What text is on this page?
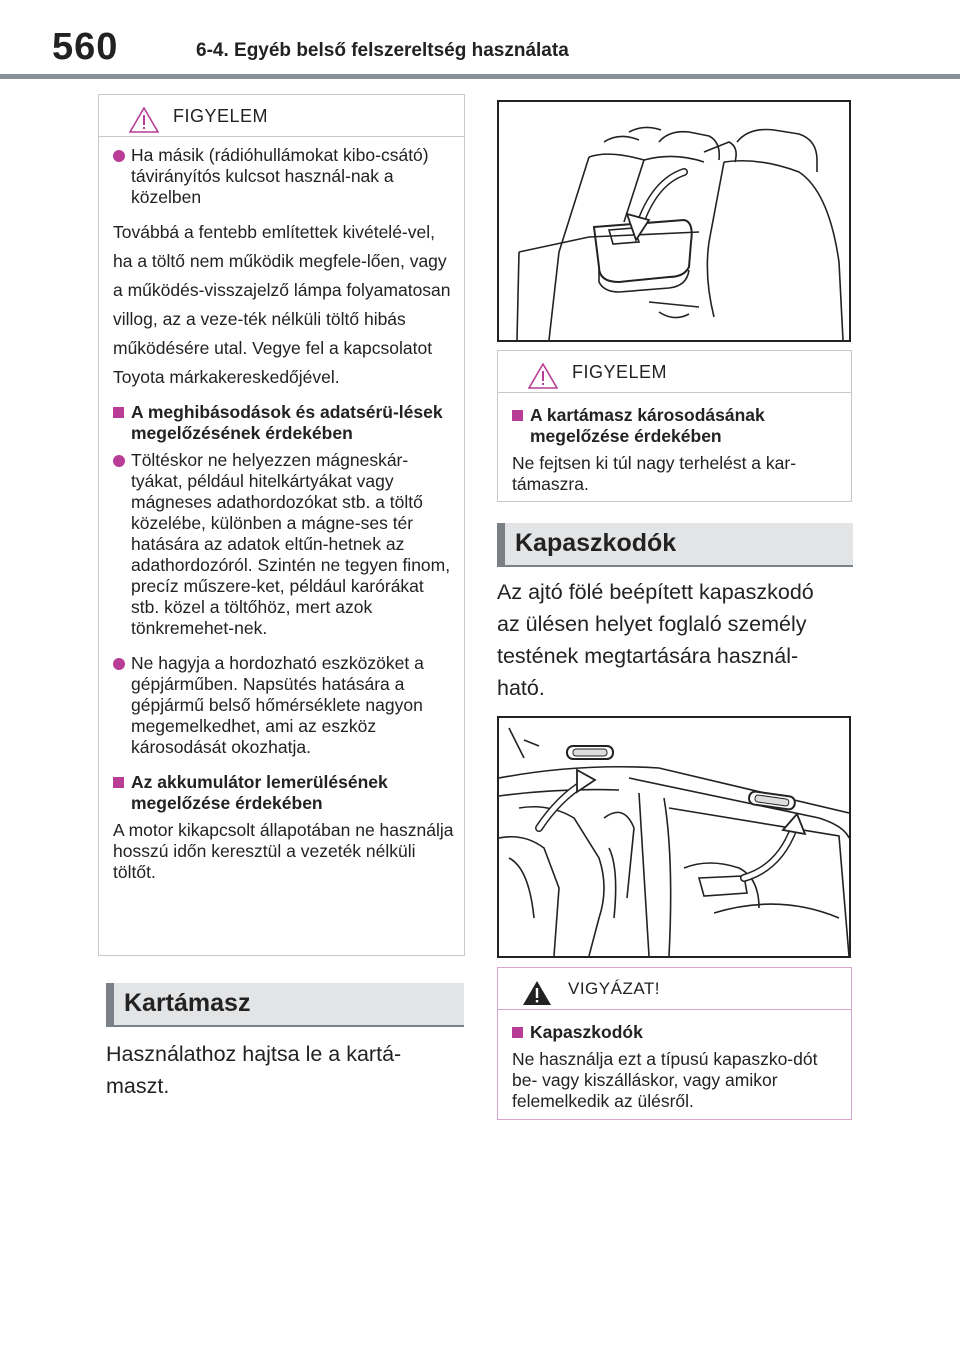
560	6-4. Egyéb belső felszereltség használata
FIGYELEM
Ha másik (rádióhullámokat kibo-csátó) távirányítós kulcsot használ-nak a közelben
Továbbá a fentebb említettek kivételé-vel, ha a töltő nem működik megfele-lően, vagy a működés-visszajelző lámpa folyamatosan villog, az a veze-ték nélküli töltő hibás működésére utal. Vegye fel a kapcsolatot Toyota márkakereskedőjével.
A meghibásodások és adatsérü-lések megelőzésének érdekében
Töltéskor ne helyezzen mágneskár-tyákat, például hitelkártyákat vagy mágneses adathordozókat stb. a töltő közelébe, különben a mágne-ses tér hatására az adatok eltűn-hetnek az adathordozóról. Szintén ne tegyen finom, precíz műszere-ket, például karórákat stb. közel a töltőhöz, mert azok tönkremehet-nek.
Ne hagyja a hordozható eszközöket a gépjárműben. Napsütés hatására a gépjármű belső hőmérséklete nagyon megemelkedhet, ami az eszköz károsodását okozhatja.
Az akkumulátor lemerülésének megelőzése érdekében
A motor kikapcsolt állapotában ne használja hosszú időn keresztül a vezeték nélküli töltőt.
Kartámasz
Használathoz hajtsa le a kartá-maszt.
FIGYELEM
A kartámasz károsodásának megelőzése érdekében
Ne fejtsen ki túl nagy terhelést a kar-támaszra.
Kapaszkodók
Az ajtó fölé beépített kapaszkodó az ülésen helyet foglaló személy testének megtartására használ-ható.
VIGYÁZAT!
Kapaszkodók
Ne használja ezt a típusú kapaszko-dót be- vagy kiszálláskor, vagy amikor felemelkedik az ülésről.
